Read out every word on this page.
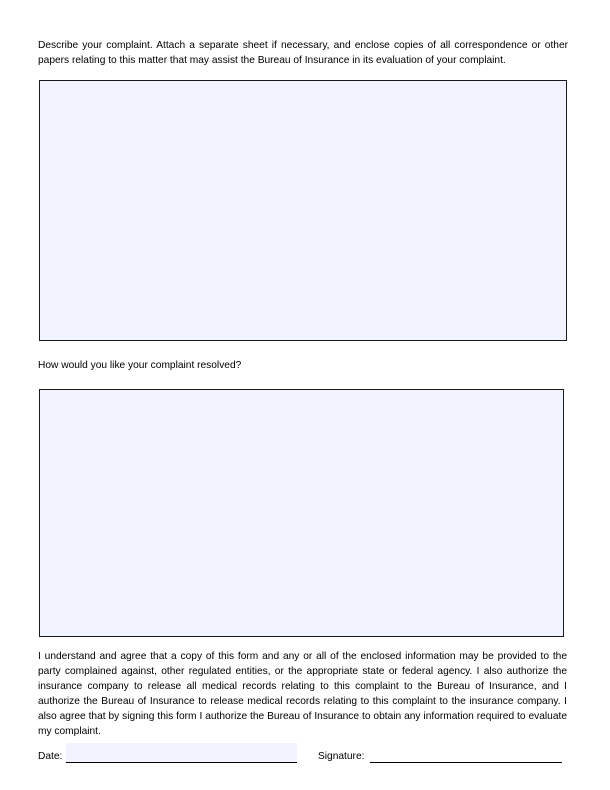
Describe your complaint. Attach a separate sheet if necessary, and enclose copies of all correspondence or other papers relating to this matter that may assist the Bureau of Insurance in its evaluation of your complaint.
How would you like your complaint resolved?
I understand and agree that a copy of this form and any or all of the enclosed information may be provided to the party complained against, other regulated entities, or the appropriate state or federal agency. I also authorize the insurance company to release all medical records relating to this complaint to the Bureau of Insurance, and I authorize the Bureau of Insurance to release medical records relating to this complaint to the insurance company. I also agree that by signing this form I authorize the Bureau of Insurance to obtain any information required to evaluate my complaint.
Date:	Signature:
